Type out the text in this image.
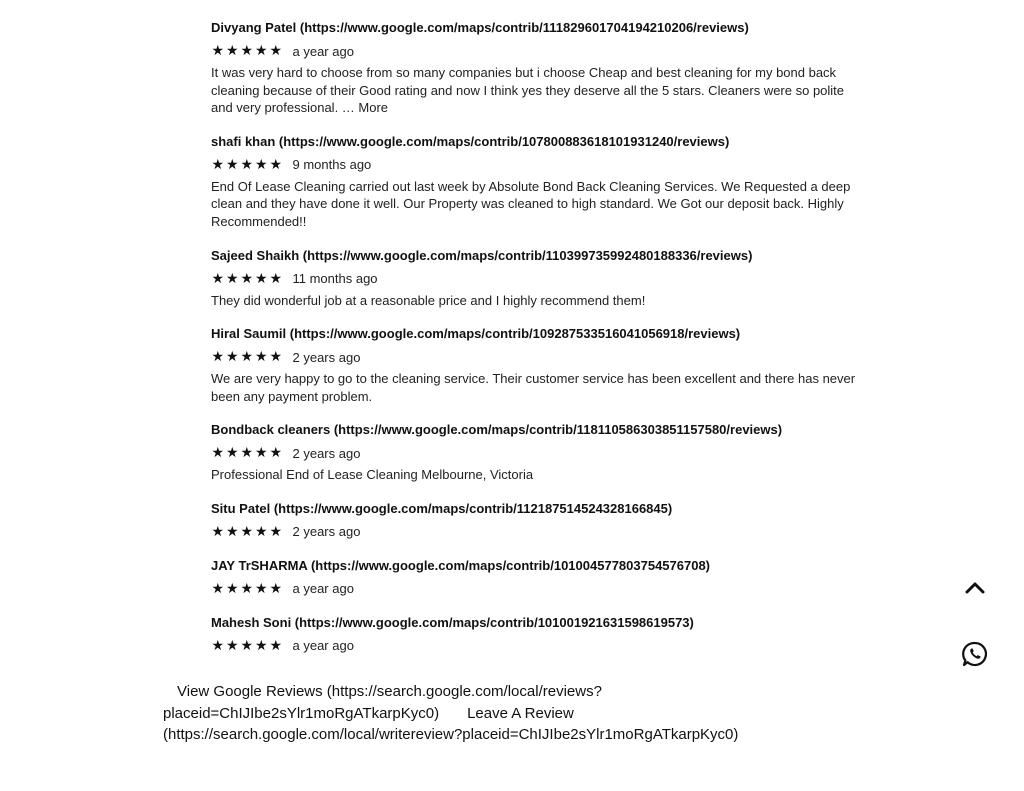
Divyang Patel (https://www.google.com/maps/contrib/111829601704194210206/reviews)
★ ★ ★ ★ ★ a year ago
It was very hard to choose from so many companies but i choose Cheap and best cleaning for my bond back cleaning because of their Good rating and now I think yes they deserve all the 5 stars. Cleaners were so polite and very professional. … More
shafi khan (https://www.google.com/maps/contrib/107800883618101931240/reviews)
★ ★ ★ ★ ★ 9 months ago
End Of Lease Cleaning carried out last week by Absolute Bond Back Cleaning Services. We Requested a deep clean and they have done it well. Our Property was cleaned to high standard. We Got our deposit back. Highly Recommended!!
Sajeed Shaikh (https://www.google.com/maps/contrib/110399735992480188336/reviews)
★ ★ ★ ★ ★ 11 months ago
They did wonderful job at a reasonable price and I highly recommend them!
Hiral Saumil (https://www.google.com/maps/contrib/109287533516041056918/reviews)
★ ★ ★ ★ ★ 2 years ago
We are very happy to go to the cleaning service. Their customer service has been excellent and there has never been any payment problem.
Bondback cleaners (https://www.google.com/maps/contrib/118110586303851157580/reviews)
★ ★ ★ ★ ★ 2 years ago
Professional End of Lease Cleaning Melbourne, Victoria
Situ Patel (https://www.google.com/maps/contrib/112187514524328166845)
★ ★ ★ ★ ★ 2 years ago
JAY TrSHARMA (https://www.google.com/maps/contrib/101004577803754576708)
★ ★ ★ ★ ★ a year ago
Mahesh Soni (https://www.google.com/maps/contrib/101001921631598619573)
★ ★ ★ ★ ★ a year ago
View Google Reviews (https://search.google.com/local/reviews?placeid=ChIJIbe2sYlr1moRgATkarpKyc0) Leave A Review (https://search.google.com/local/writereview?placeid=ChIJIbe2sYlr1moRgATkarpKyc0)
